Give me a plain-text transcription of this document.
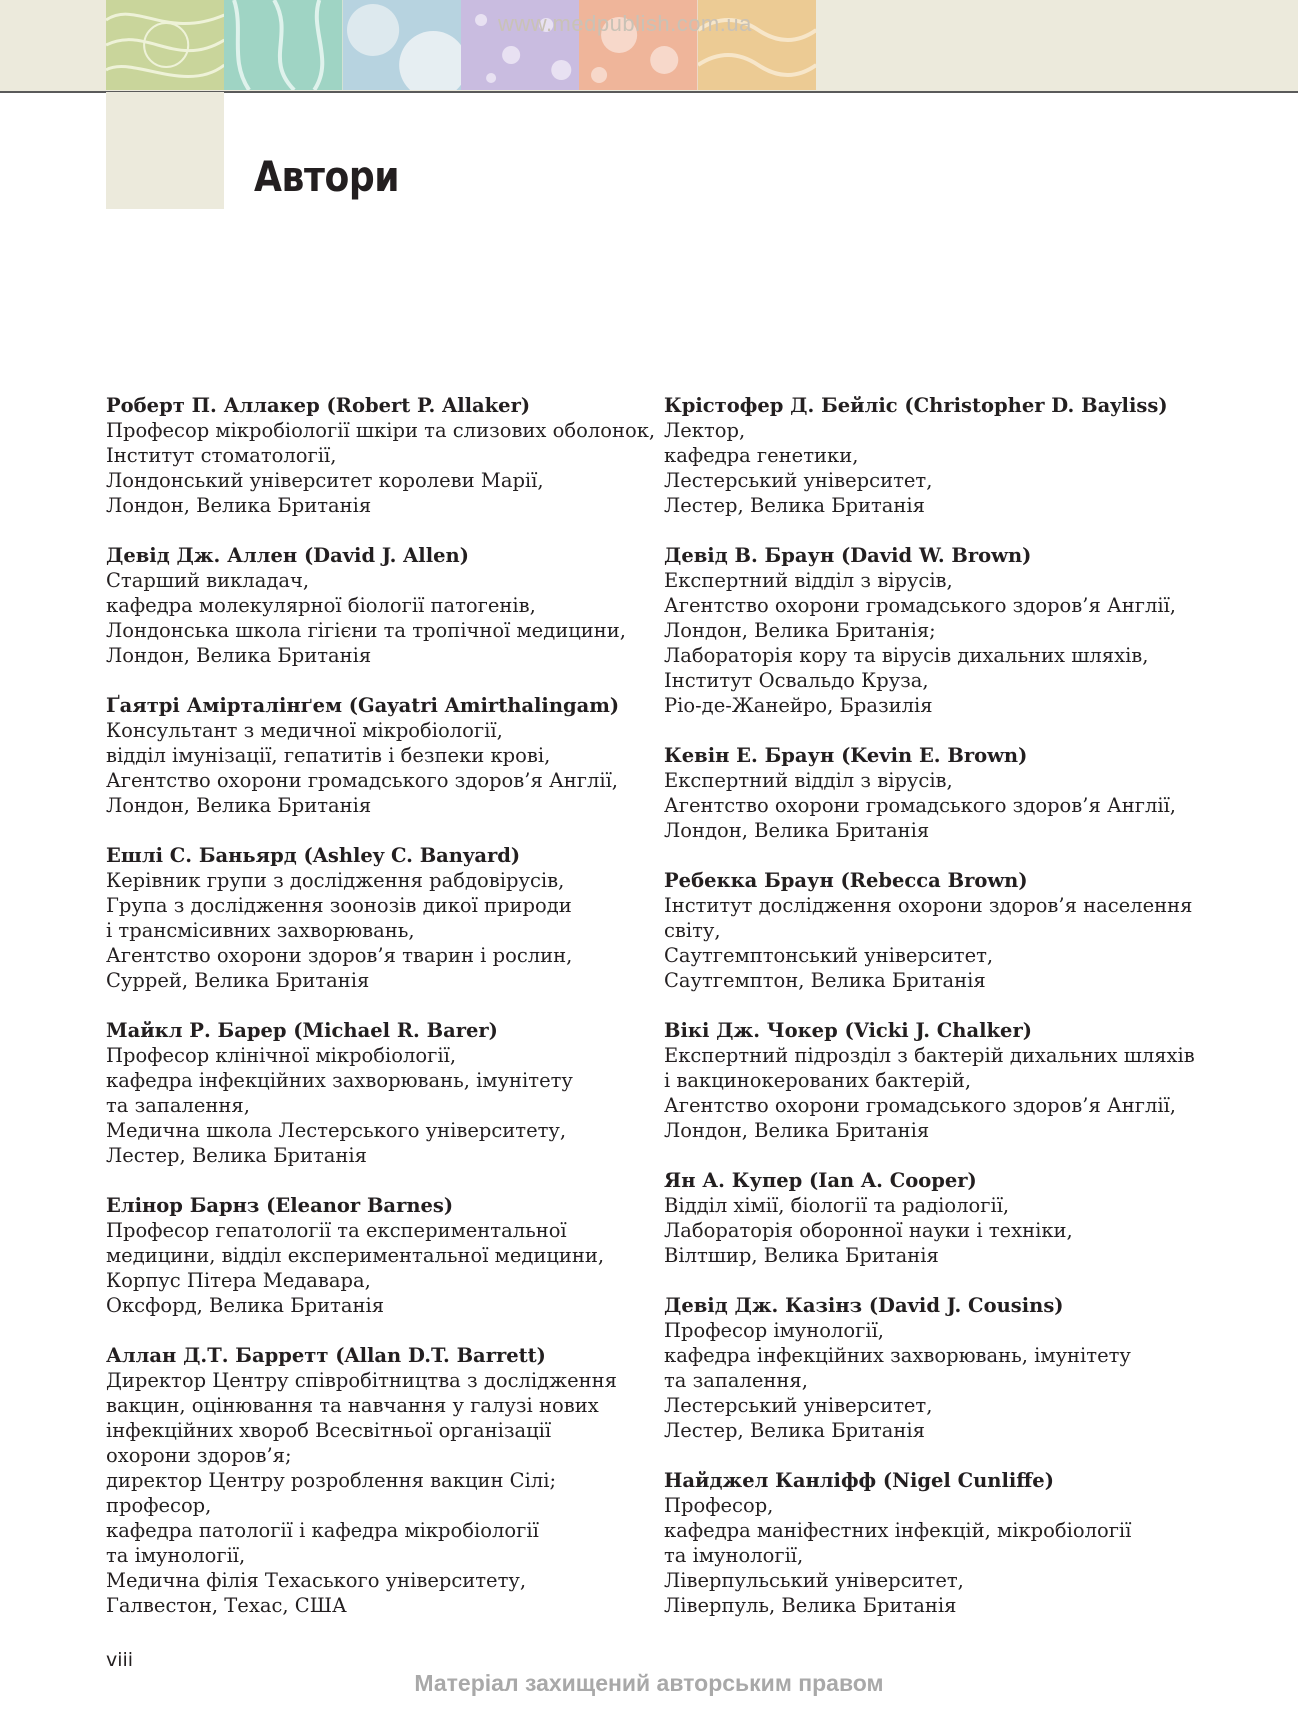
www.medpublish.com.ua
Автори
Роберт П. Аллакер (Robert P. Allaker)
Професор мікробіології шкіри та слизових оболонок,
Інститут стоматології,
Лондонський університет королеви Марії,
Лондон, Велика Британія
Девід Дж. Аллен (David J. Allen)
Старший викладач,
кафедра молекулярної біології патогенів,
Лондонська школа гігієни та тропічної медицини,
Лондон, Велика Британія
Ґаятрі Амірталінґем (Gayatri Amirthalingam)
Консультант з медичної мікробіології,
відділ імунізації, гепатитів і безпеки крові,
Агентство охорони громадського здоров’я Англії,
Лондон, Велика Британія
Ешлі С. Баньярд (Ashley C. Banyard)
Керівник групи з дослідження рабдовірусів,
Група з дослідження зоонозів дикої природи
і трансмісивних захворювань,
Агентство охорони здоров’я тварин і рослин,
Суррей, Велика Британія
Майкл Р. Барер (Michael R. Barer)
Професор клінічної мікробіології,
кафедра інфекційних захворювань, імунітету
та запалення,
Медична школа Лестерського університету,
Лестер, Велика Британія
Елінор Барнз (Eleanor Barnes)
Професор гепатології та експериментальної
медицини, відділ експериментальної медицини,
Корпус Пітера Медавара,
Оксфорд, Велика Британія
Аллан Д.Т. Барретт (Allan D.T. Barrett)
Директор Центру співробітництва з дослідження
вакцин, оцінювання та навчання у галузі нових
інфекційних хвороб Всесвітньої організації
охорони здоров’я;
директор Центру розроблення вакцин Сілі;
професор,
кафедра патології і кафедра мікробіології
та імунології,
Медична філія Техаського університету,
Галвестон, Техас, США
Крістофер Д. Бейліс (Christopher D. Bayliss)
Лектор,
кафедра генетики,
Лестерський університет,
Лестер, Велика Британія
Девід В. Браун (David W. Brown)
Експертний відділ з вірусів,
Агентство охорони громадського здоров’я Англії,
Лондон, Велика Британія;
Лабораторія кору та вірусів дихальних шляхів,
Інститут Освальдо Круза,
Ріо-де-Жанейро, Бразилія
Кевін Е. Браун (Kevin E. Brown)
Експертний відділ з вірусів,
Агентство охорони громадського здоров’я Англії,
Лондон, Велика Британія
Ребекка Браун (Rebecca Brown)
Інститут дослідження охорони здоров’я населення
світу,
Саутгемптонський університет,
Саутгемптон, Велика Британія
Вікі Дж. Чокер (Vicki J. Chalker)
Експертний підрозділ з бактерій дихальних шляхів
і вакцинокерованих бактерій,
Агентство охорони громадського здоров’я Англії,
Лондон, Велика Британія
Ян А. Купер (Ian A. Cooper)
Відділ хімії, біології та радіології,
Лабораторія оборонної науки і техніки,
Вілтшир, Велика Британія
Девід Дж. Казінз (David J. Cousins)
Професор імунології,
кафедра інфекційних захворювань, імунітету
та запалення,
Лестерський університет,
Лестер, Велика Британія
Найджел Канліфф (Nigel Cunliffe)
Професор,
кафедра маніфестних інфекцій, мікробіології
та імунології,
Ліверпульський університет,
Ліверпуль, Велика Британія
viii
Матеріал захищений авторським правом
